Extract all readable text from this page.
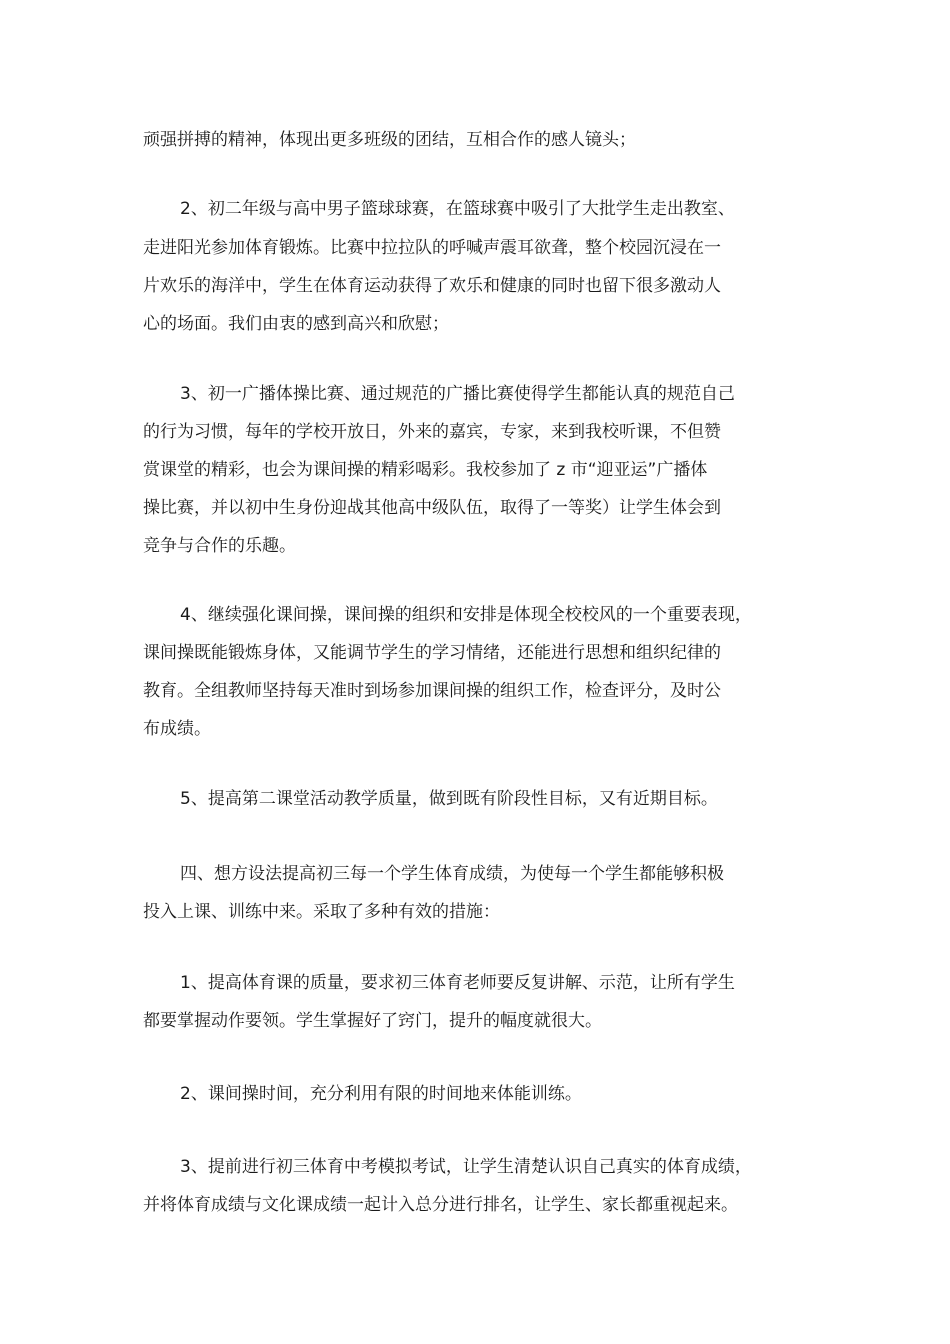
顽强拼搏的精神，体现出更多班级的团结，互相合作的感人镜头；
2、初二年级与高中男子篮球球赛，在篮球赛中吸引了大批学生走出教室、
走进阳光参加体育锻炼。比赛中拉拉队的呼喊声震耳欲聋，整个校园沉浸在一
片欢乐的海洋中，学生在体育运动获得了欢乐和健康的同时也留下很多激动人
心的场面。我们由衷的感到高兴和欣慰；
3、初一广播体操比赛、通过规范的广播比赛使得学生都能认真的规范自己
的行为习惯，每年的学校开放日，外来的嘉宾，专家，来到我校听课，不但赞
赏课堂的精彩，也会为课间操的精彩喝彩。我校参加了 z 市“迎亚运”广播体
操比赛，并以初中生身份迎战其他高中级队伍，取得了一等奖）让学生体会到
竞争与合作的乐趣。
4、继续强化课间操，课间操的组织和安排是体现全校校风的一个重要表现，
课间操既能锻炼身体，又能调节学生的学习情绪，还能进行思想和组织纪律的
教育。全组教师坚持每天准时到场参加课间操的组织工作，检查评分，及时公
布成绩。
5、提高第二课堂活动教学质量，做到既有阶段性目标，又有近期目标。
四、想方设法提高初三每一个学生体育成绩，为使每一个学生都能够积极
投入上课、训练中来。采取了多种有效的措施：
1、提高体育课的质量，要求初三体育老师要反复讲解、示范，让所有学生
都要掌握动作要领。学生掌握好了窍门，提升的幅度就很大。
2、课间操时间，充分利用有限的时间地来体能训练。
3、提前进行初三体育中考模拟考试，让学生清楚认识自己真实的体育成绩，
并将体育成绩与文化课成绩一起计入总分进行排名，让学生、家长都重视起来。
